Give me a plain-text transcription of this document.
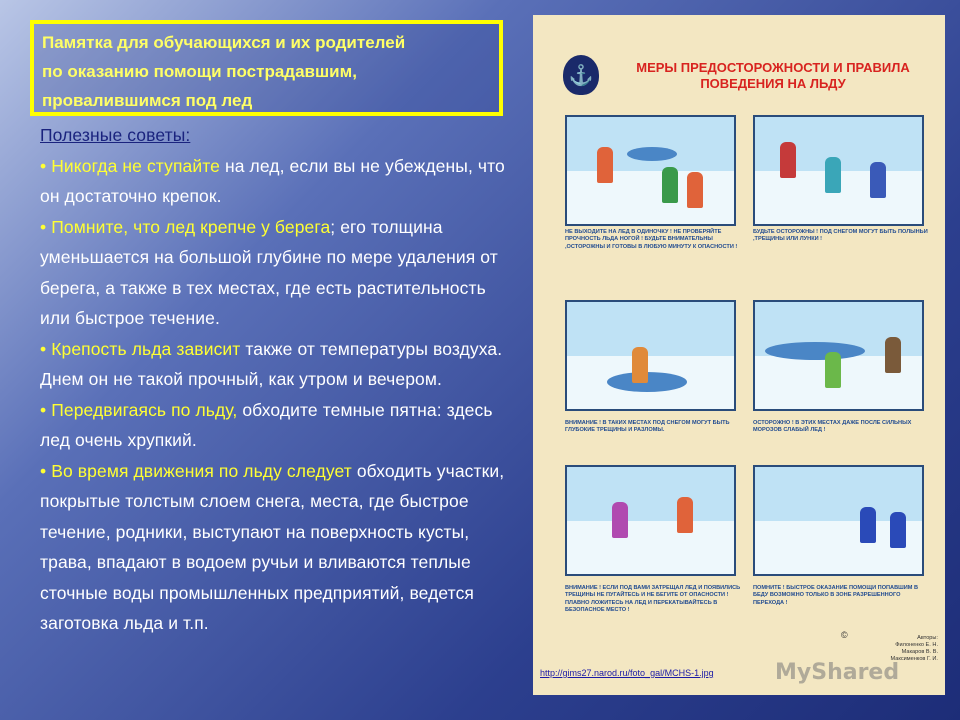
Памятка для обучающихся и их родителей
по оказанию помощи пострадавшим,
провалившимся под лед

Полезные советы:

• Никогда не ступайте на лед, если вы не убеждены, что он достаточно крепок.

• Помните, что лед крепче у берега; его толщина уменьшается на большой глубине по мере удаления от берега, а также в тех местах, где есть растительность или быстрое течение.

• Крепость льда зависит также от температуры воздуха. Днем он не такой прочный, как утром и вечером.

• Передвигаясь по льду, обходите темные пятна: здесь лед очень хрупкий.

• Во время движения по льду следует обходить участки, покрытые толстым слоем снега, места, где быстрое течение, родники, выступают на поверхность кусты, трава, впадают в водоем ручьи и вливаются теплые сточные воды промышленных предприятий, ведется заготовка льда и т.п.

⚓	МЕРЫ ПРЕДОСТОРОЖНОСТИ И ПРАВИЛА ПОВЕДЕНИЯ НА ЛЬДУ
НЕ ВЫХОДИТЕ НА ЛЕД В ОДИНОЧКУ ! НЕ ПРОВЕРЯЙТЕ ПРОЧНОСТЬ ЛЬДА НОГОЙ ! БУДЬТЕ ВНИМАТЕЛЬНЫ ,ОСТОРОЖНЫ И ГОТОВЫ В ЛЮБУЮ МИНУТУ К ОПАСНОСТИ !
БУДЬТЕ ОСТОРОЖНЫ ! ПОД СНЕГОМ МОГУТ БЫТЬ ПОЛЫНЬИ ,ТРЕЩИНЫ ИЛИ ЛУНКИ !
ВНИМАНИЕ ! В ТАКИХ МЕСТАХ ПОД СНЕГОМ МОГУТ БЫТЬ ГЛУБОКИЕ ТРЕЩИНЫ И РАЗЛОМЫ.
ОСТОРОЖНО ! В ЭТИХ МЕСТАХ ДАЖЕ ПОСЛЕ СИЛЬНЫХ МОРОЗОВ СЛАБЫЙ ЛЕД !
ВНИМАНИЕ ! ЕСЛИ ПОД ВАМИ ЗАТРЕЩАЛ ЛЕД И ПОЯВИЛИСЬ ТРЕЩИНЫ НЕ ПУГАЙТЕСЬ И НЕ БЕГИТЕ ОТ ОПАСНОСТИ ! ПЛАВНО ЛОЖИТЕСЬ НА ЛЕД И ПЕРЕКАТЫВАЙТЕСЬ В БЕЗОПАСНОЕ МЕСТО !
ПОМНИТЕ ! БЫСТРОЕ ОКАЗАНИЕ ПОМОЩИ ПОПАВШИМ В БЕДУ ВОЗМОЖНО ТОЛЬКО В ЗОНЕ РАЗРЕШЕННОГО ПЕРЕХОДА !
©	Авторы:
Филоненко Е. Н.
Макаров В. В.
Максименков Г. И.
http://gims27.narod.ru/foto_gal/MCHS-1.jpg	MyShared
